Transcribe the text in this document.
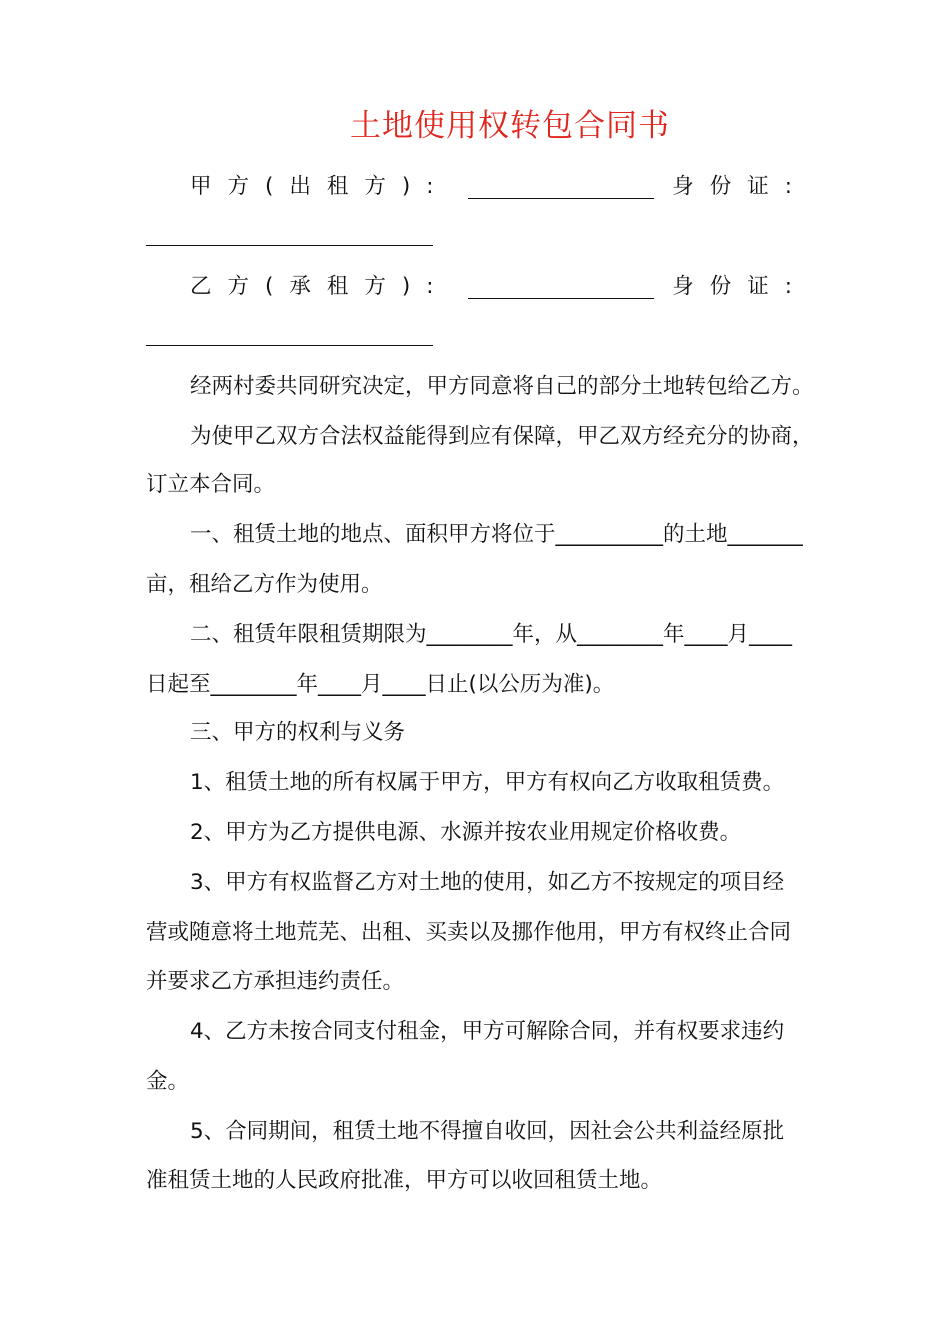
土地使用权转包合同书
甲方(出租方):	身份证:
乙方(承租方):	身份证:
经两村委共同研究决定，甲方同意将自己的部分土地转包给乙方。
为使甲乙双方合法权益能得到应有保障，甲乙双方经充分的协商，
订立本合同。
一、租赁土地的地点、面积甲方将位于__________的土地_______
亩，租给乙方作为使用。
二、租赁年限租赁期限为________年，从________年____月____
日起至________年____月____日止(以公历为准)。
三、甲方的权利与义务
1、租赁土地的所有权属于甲方，甲方有权向乙方收取租赁费。
2、甲方为乙方提供电源、水源并按农业用规定价格收费。
3、甲方有权监督乙方对土地的使用，如乙方不按规定的项目经
营或随意将土地荒芜、出租、买卖以及挪作他用，甲方有权终止合同
并要求乙方承担违约责任。
4、乙方未按合同支付租金，甲方可解除合同，并有权要求违约
金。
5、合同期间，租赁土地不得擅自收回，因社会公共利益经原批
准租赁土地的人民政府批准，甲方可以收回租赁土地。
